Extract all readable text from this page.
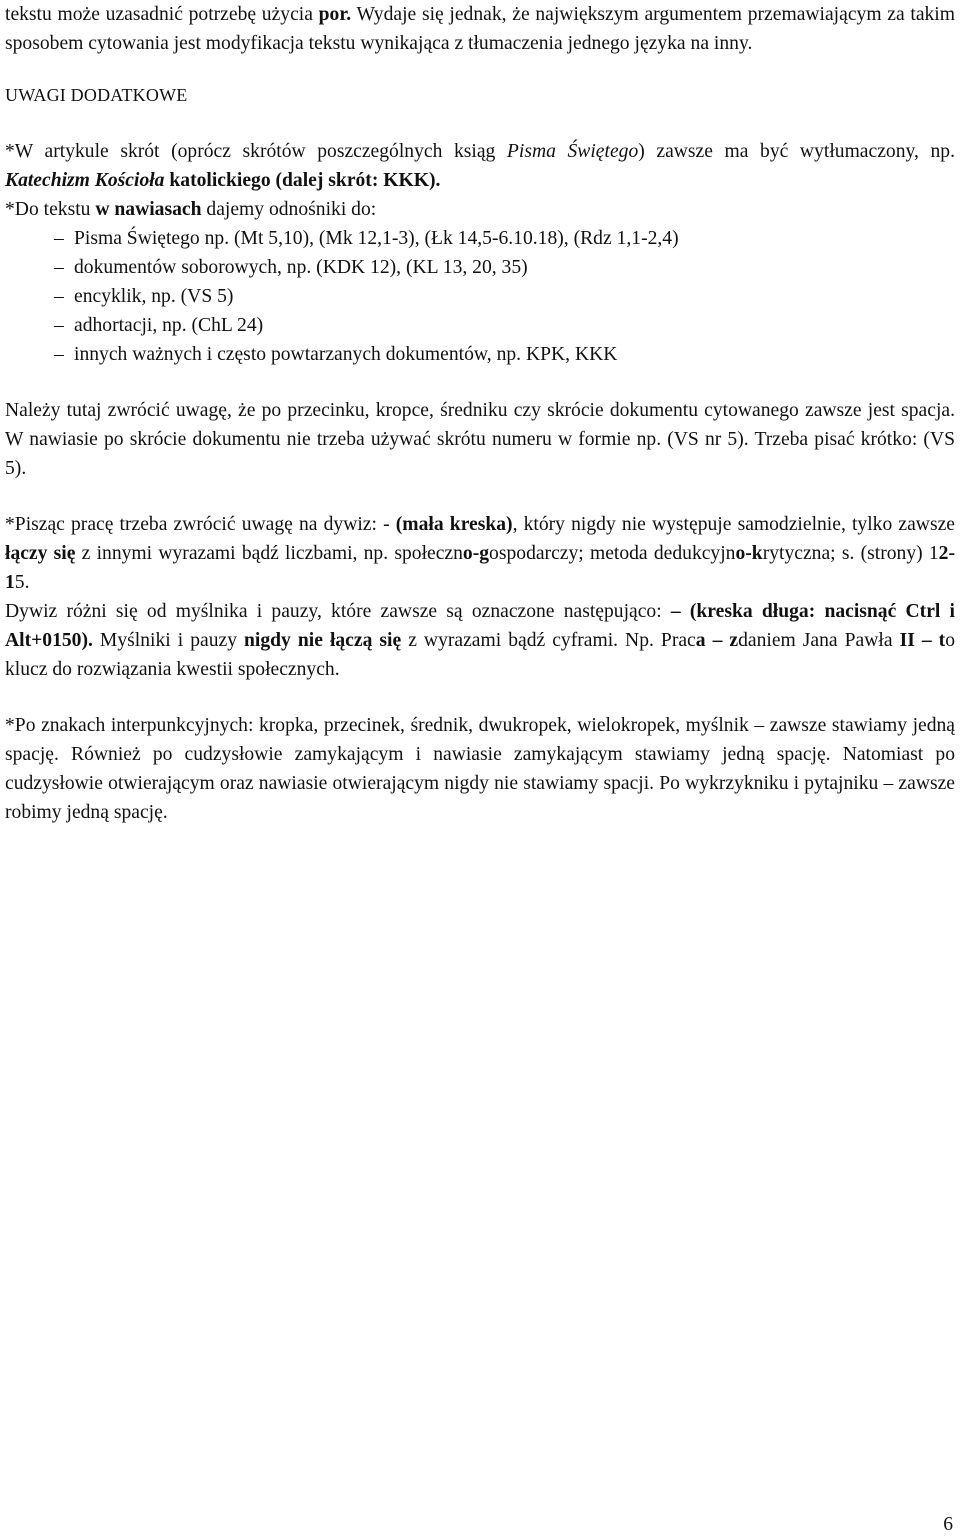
tekstu może uzasadnić potrzebę użycia por. Wydaje się jednak, że największym argumentem przemawiającym za takim sposobem cytowania jest modyfikacja tekstu wynikająca z tłumaczenia jednego języka na inny.

UWAGI DODATKOWE

*W artykule skrót (oprócz skrótów poszczególnych ksiąg Pisma Świętego) zawsze ma być wytłumaczony, np. Katechizm Kościoła katolickiego (dalej skrót: KKK).

*Do tekstu w nawiasach dajemy odnośniki do:

– Pisma Świętego np. (Mt 5,10), (Mk 12,1-3), (Łk 14,5-6.10.18), (Rdz 1,1-2,4)
– dokumentów soborowych, np. (KDK 12), (KL 13, 20, 35)
– encyklik, np. (VS 5)
– adhortacji, np. (ChL 24)
– innych ważnych i często powtarzanych dokumentów, np. KPK, KKK

Należy tutaj zwrócić uwagę, że po przecinku, kropce, średniku czy skrócie dokumentu cytowanego zawsze jest spacja. W nawiasie po skrócie dokumentu nie trzeba używać skrótu numeru w formie np. (VS nr 5). Trzeba pisać krótko: (VS 5).

*Pisząc pracę trzeba zwrócić uwagę na dywiz: - (mała kreska), który nigdy nie występuje samodzielnie, tylko zawsze łączy się z innymi wyrazami bądź liczbami, np. społeczno-gospodarczy; metoda dedukcyjno-krytyczna; s. (strony) 12-15.

Dywiz różni się od myślnika i pauzy, które zawsze są oznaczone następująco: – (kreska długa: nacisnąć Ctrl i Alt+0150). Myślniki i pauzy nigdy nie łączą się z wyrazami bądź cyframi. Np. Praca – zdaniem Jana Pawła II – to klucz do rozwiązania kwestii społecznych.

*Po znakach interpunkcyjnych: kropka, przecinek, średnik, dwukropek, wielokropek, myślnik – zawsze stawiamy jedną spację. Również po cudzysłowie zamykającym i nawiasie zamykającym stawiamy jedną spację. Natomiast po cudzysłowie otwierającym oraz nawiasie otwierającym nigdy nie stawiamy spacji. Po wykrzykniku i pytajniku – zawsze robimy jedną spację.

6
